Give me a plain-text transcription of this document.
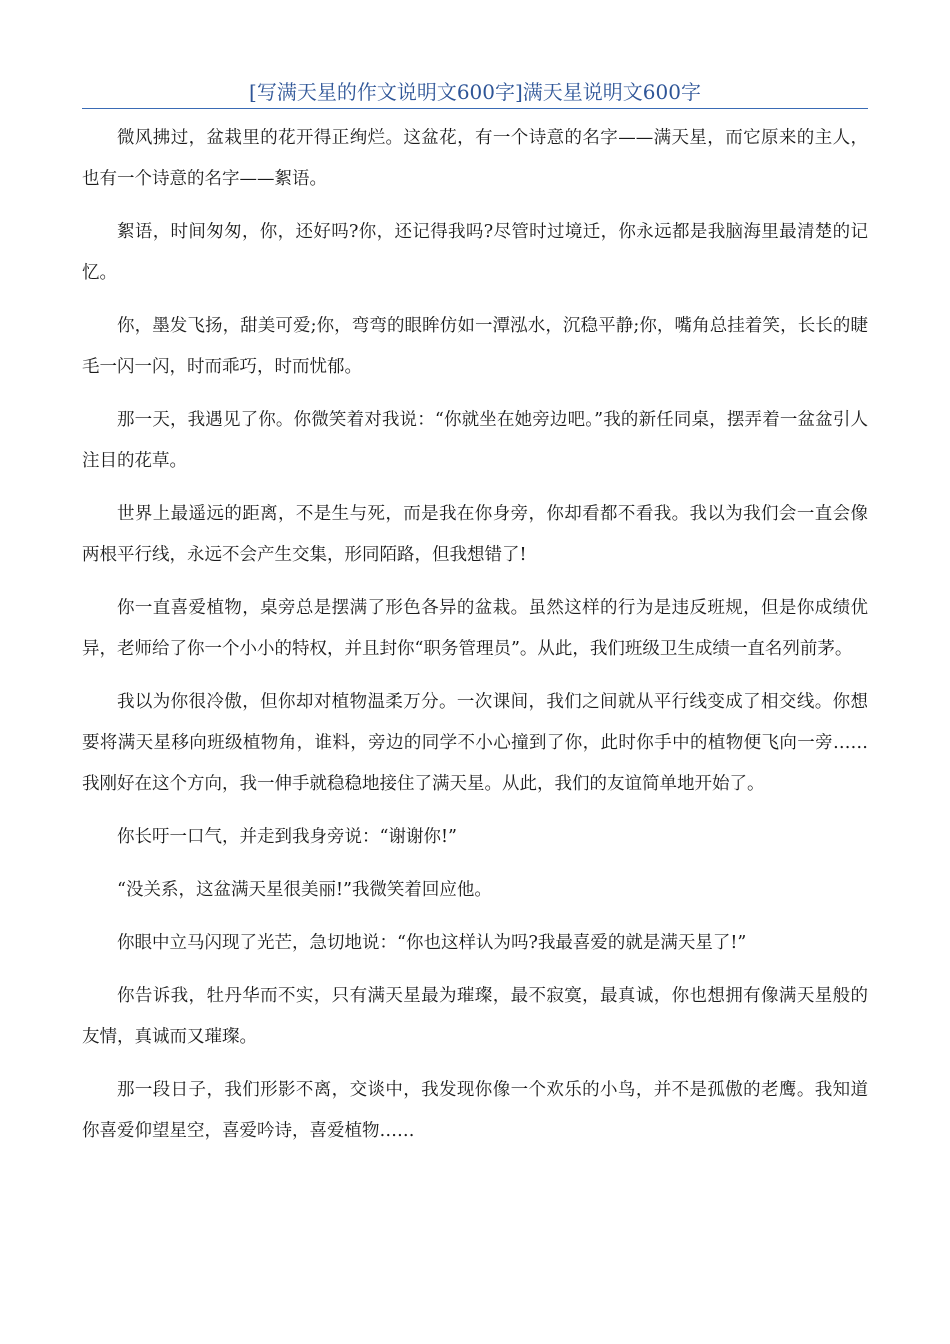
[写满天星的作文说明文600字]满天星说明文600字

微风拂过，盆栽里的花开得正绚烂。这盆花，有一个诗意的名字——满天星，而它原来的主人，也有一个诗意的名字——絮语。

絮语，时间匆匆，你，还好吗?你，还记得我吗?尽管时过境迁，你永远都是我脑海里最清楚的记忆。

你，墨发飞扬，甜美可爱;你，弯弯的眼眸仿如一潭泓水，沉稳平静;你，嘴角总挂着笑，长长的睫毛一闪一闪，时而乖巧，时而忧郁。

那一天，我遇见了你。你微笑着对我说：“你就坐在她旁边吧。”我的新任同桌，摆弄着一盆盆引人注目的花草。

世界上最遥远的距离，不是生与死，而是我在你身旁，你却看都不看我。我以为我们会一直会像两根平行线，永远不会产生交集，形同陌路，但我想错了!

你一直喜爱植物，桌旁总是摆满了形色各异的盆栽。虽然这样的行为是违反班规，但是你成绩优异，老师给了你一个小小的特权，并且封你“职务管理员”。从此，我们班级卫生成绩一直名列前茅。

我以为你很冷傲，但你却对植物温柔万分。一次课间，我们之间就从平行线变成了相交线。你想要将满天星移向班级植物角，谁料，旁边的同学不小心撞到了你，此时你手中的植物便飞向一旁……我刚好在这个方向，我一伸手就稳稳地接住了满天星。从此，我们的友谊简单地开始了。

你长吁一口气，并走到我身旁说：“谢谢你!”

“没关系，这盆满天星很美丽!”我微笑着回应他。

你眼中立马闪现了光芒，急切地说：“你也这样认为吗?我最喜爱的就是满天星了!”

你告诉我，牡丹华而不实，只有满天星最为璀璨，最不寂寞，最真诚，你也想拥有像满天星般的友情，真诚而又璀璨。

那一段日子，我们形影不离，交谈中，我发现你像一个欢乐的小鸟，并不是孤傲的老鹰。我知道你喜爱仰望星空，喜爱吟诗，喜爱植物……
